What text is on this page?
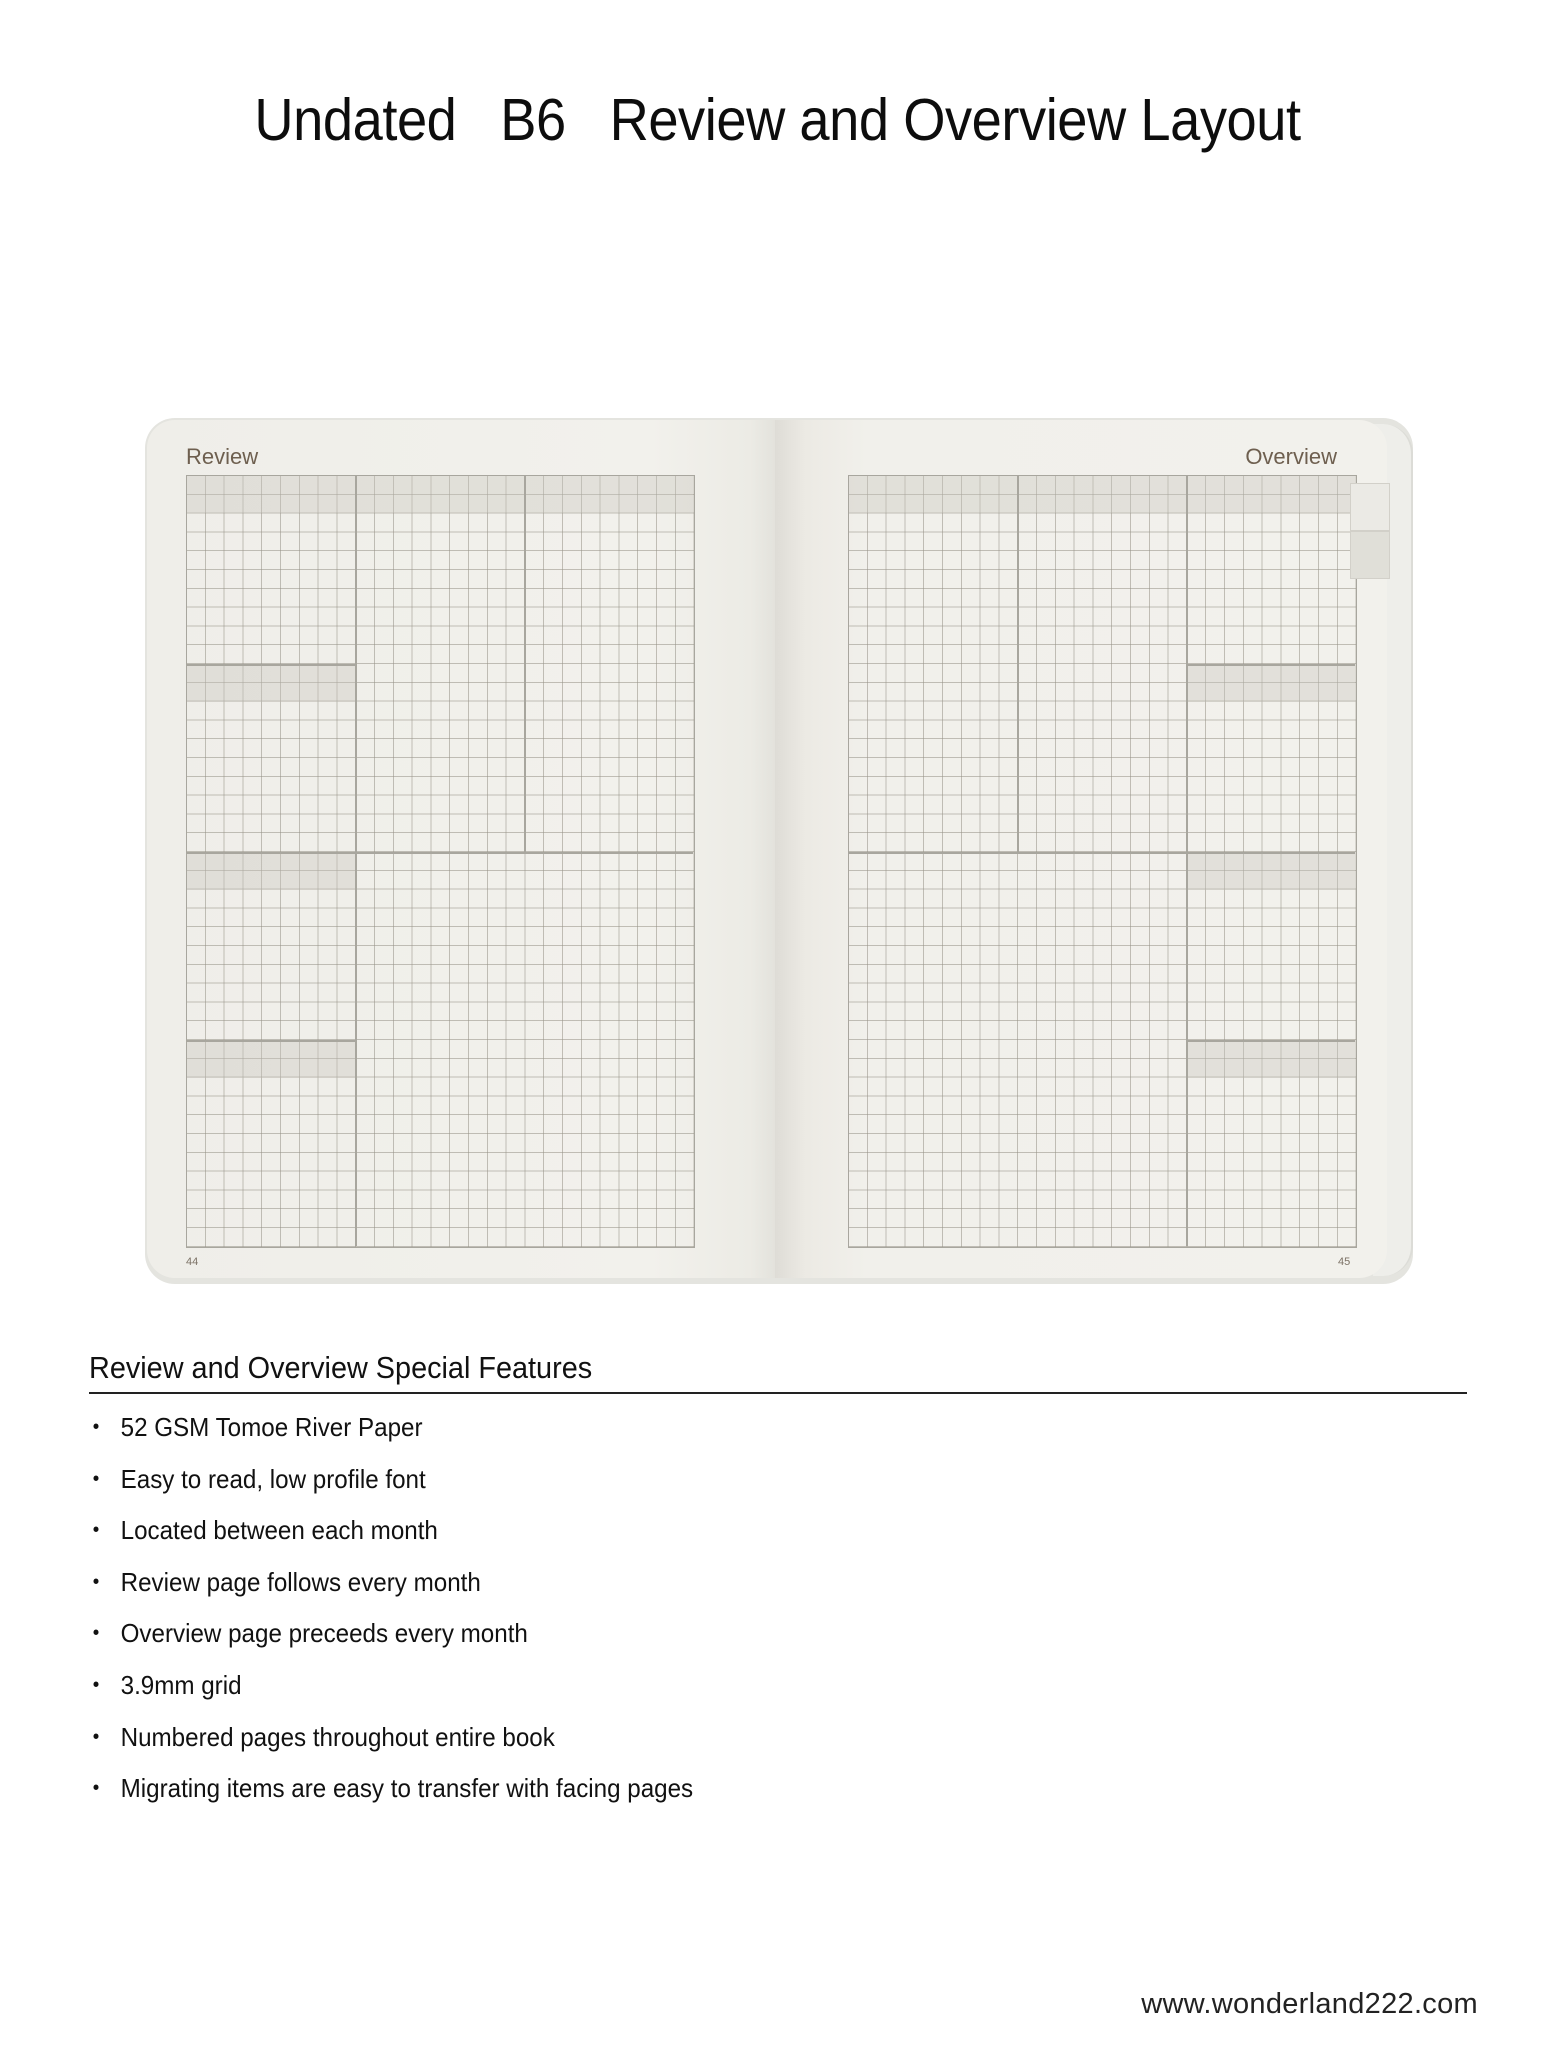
Undated   B6   Review and Overview Layout
Review
44
Overview
45
Review and Overview Special Features
• 52 GSM Tomoe River Paper
• Easy to read, low profile font
• Located between each month
• Review page follows every month
• Overview page preceeds every month
• 3.9mm grid
• Numbered pages throughout entire book
• Migrating items are easy to transfer with facing pages
www.wonderland222.com
